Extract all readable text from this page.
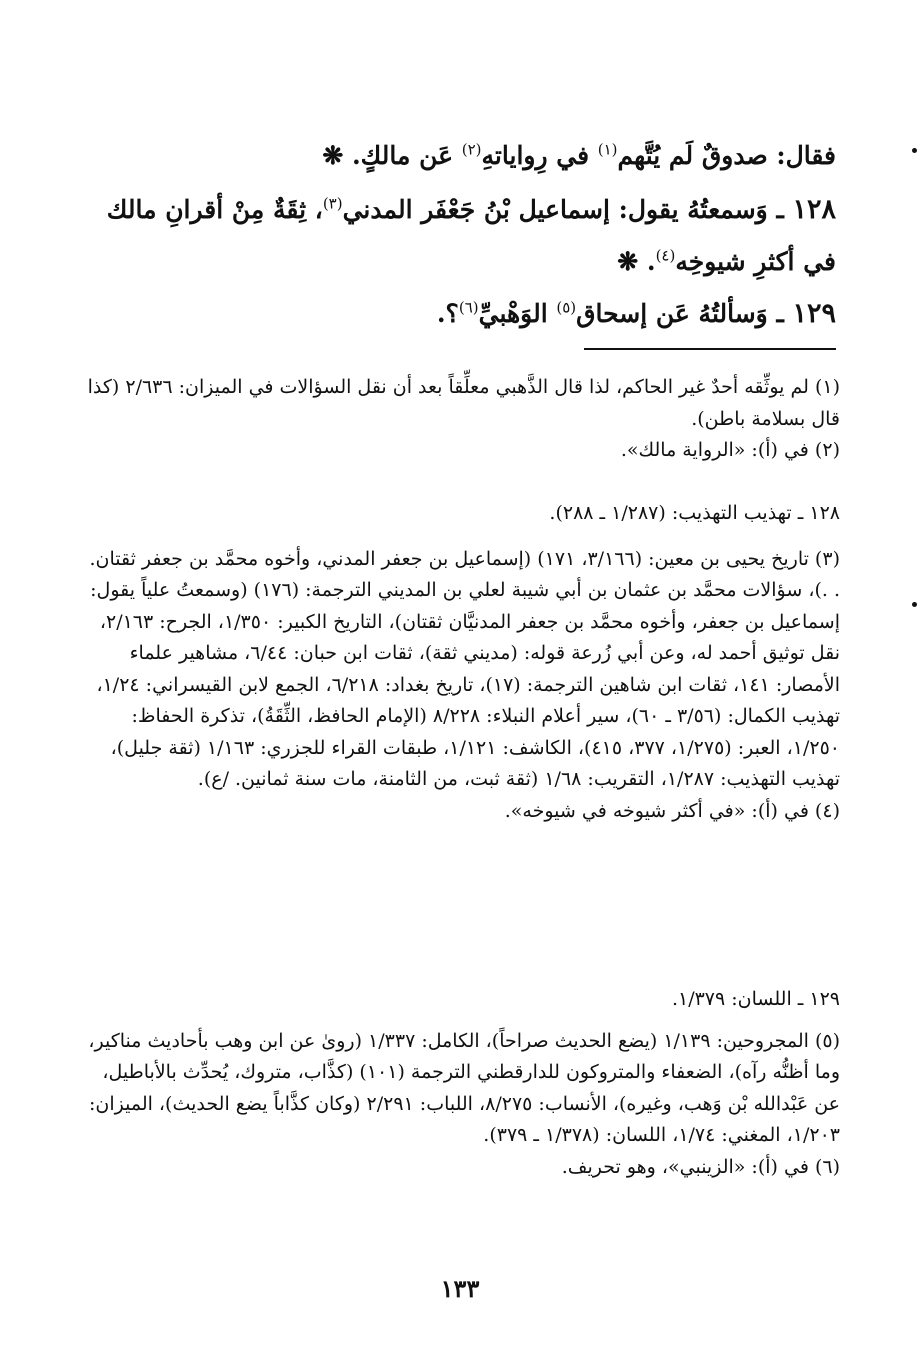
فقال: صدوقٌ لَم يُتَّهم$^{(١)}$ في رِواياتهِ$^{(٢)}$ عَن مالكٍ. ❋

١٢٨ ـ وَسمعتُهُ يقول: إسماعيل بْنُ جَعْفَر المدني$^{(٣)}$، ثِقَةٌ مِنْ أقرانِ مالك في أكثرِ شيوخِه$^{(٤)}$. ❋

١٢٩ ـ وَسألتُهُ عَن إسحاق$^{(٥)}$ الوَهْبيِّ$^{(٦)}$؟.

(١) لم يوثِّقه أحدٌ غير الحاكم، لذا قال الذَّهبي معلِّقاً بعد أن نقل السؤالات في الميزان: ٢/٦٣٦ (كذا قال بسلامة باطن).

(٢) في (أ): «الرواية مالك».

١٢٨ ـ تهذيب التهذيب: (١/٢٨٧ ـ ٢٨٨).

(٣) تاريخ يحيى بن معين: (٣/١٦٦، ١٧١) (إسماعيل بن جعفر المدني، وأخوه محمَّد بن جعفر ثقتان. . .)، سؤالات محمَّد بن عثمان بن أبي شيبة لعلي بن المديني الترجمة: (١٧٦) (وسمعتُ علياً يقول: إسماعيل بن جعفر، وأخوه محمَّد بن جعفر المدنيَّان ثقتان)، التاريخ الكبير: ١/٣٥٠، الجرح: ٢/١٦٣، نقل توثيق أحمد له، وعن أبي زُرعة قوله: (مديني ثقة)، ثقات ابن حبان: ٦/٤٤، مشاهير علماء الأمصار: ١٤١، ثقات ابن شاهين الترجمة: (١٧)، تاريخ بغداد: ٦/٢١٨، الجمع لابن القيسراني: ١/٢٤، تهذيب الكمال: (٣/٥٦ ـ ٦٠)، سير أعلام النبلاء: ٨/٢٢٨ (الإمام الحافظ، الثِّقَةُ)، تذكرة الحفاظ: ١/٢٥٠، العبر: (١/٢٧٥، ٣٧٧، ٤١٥)، الكاشف: ١/١٢١، طبقات القراء للجزري: ١/١٦٣ (ثقة جليل)، تهذيب التهذيب: ١/٢٨٧، التقريب: ١/٦٨ (ثقة ثبت، من الثامنة، مات سنة ثمانين. /ع).

(٤) في (أ): «في أكثر شيوخه في شيوخه».

١٢٩ ـ اللسان: ١/٣٧٩.

(٥) المجروحين: ١/١٣٩ (يضع الحديث صراحاً)، الكامل: ١/٣٣٧ (روىٰ عن ابن وهب بأحاديث مناكير، وما أظنُّه رآه)، الضعفاء والمتروكون للدارقطني الترجمة (١٠١) (كذَّاب، متروك، يُحدِّث بالأباطيل، عن عَبْدالله بْن وَهب، وغيره)، الأنساب: ٨/٢٧٥، اللباب: ٢/٢٩١ (وكان كذَّاباً يضع الحديث)، الميزان: ١/٢٠٣، المغني: ١/٧٤، اللسان: (١/٣٧٨ ـ ٣٧٩).

(٦) في (أ): «الزينبي»، وهو تحريف.

١٣٣
